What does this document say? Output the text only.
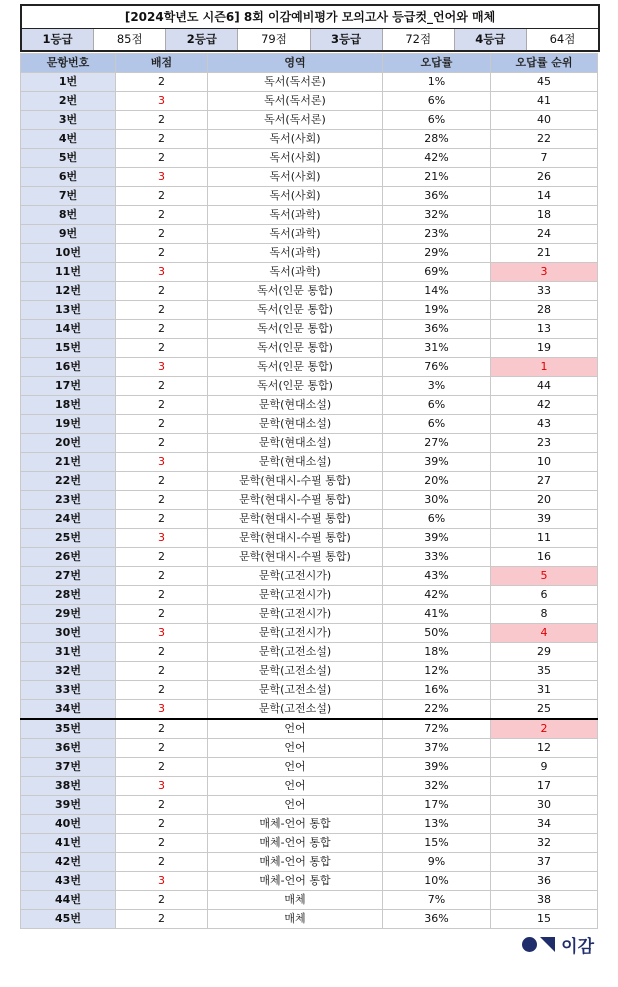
[2024학년도 시즌6] 8회 이감예비평가 모의고사 등급컷_언어와 매체
1등급	85점	2등급	79점	3등급	72점	4등급	64점
문항번호	배점	영역	오답률	오답률 순위
1번	2	독서(독서론)	1%	45
2번	3	독서(독서론)	6%	41
3번	2	독서(독서론)	6%	40
4번	2	독서(사회)	28%	22
5번	2	독서(사회)	42%	7
6번	3	독서(사회)	21%	26
7번	2	독서(사회)	36%	14
8번	2	독서(과학)	32%	18
9번	2	독서(과학)	23%	24
10번	2	독서(과학)	29%	21
11번	3	독서(과학)	69%	3
12번	2	독서(인문 통합)	14%	33
13번	2	독서(인문 통합)	19%	28
14번	2	독서(인문 통합)	36%	13
15번	2	독서(인문 통합)	31%	19
16번	3	독서(인문 통합)	76%	1
17번	2	독서(인문 통합)	3%	44
18번	2	문학(현대소설)	6%	42
19번	2	문학(현대소설)	6%	43
20번	2	문학(현대소설)	27%	23
21번	3	문학(현대소설)	39%	10
22번	2	문학(현대시-수필 통합)	20%	27
23번	2	문학(현대시-수필 통합)	30%	20
24번	2	문학(현대시-수필 통합)	6%	39
25번	3	문학(현대시-수필 통합)	39%	11
26번	2	문학(현대시-수필 통합)	33%	16
27번	2	문학(고전시가)	43%	5
28번	2	문학(고전시가)	42%	6
29번	2	문학(고전시가)	41%	8
30번	3	문학(고전시가)	50%	4
31번	2	문학(고전소설)	18%	29
32번	2	문학(고전소설)	12%	35
33번	2	문학(고전소설)	16%	31
34번	3	문학(고전소설)	22%	25
35번	2	언어	72%	2
36번	2	언어	37%	12
37번	2	언어	39%	9
38번	3	언어	32%	17
39번	2	언어	17%	30
40번	2	매체-언어 통합	13%	34
41번	2	매체-언어 통합	15%	32
42번	2	매체-언어 통합	9%	37
43번	3	매체-언어 통합	10%	36
44번	2	매체	7%	38
45번	2	매체	36%	15
이감
